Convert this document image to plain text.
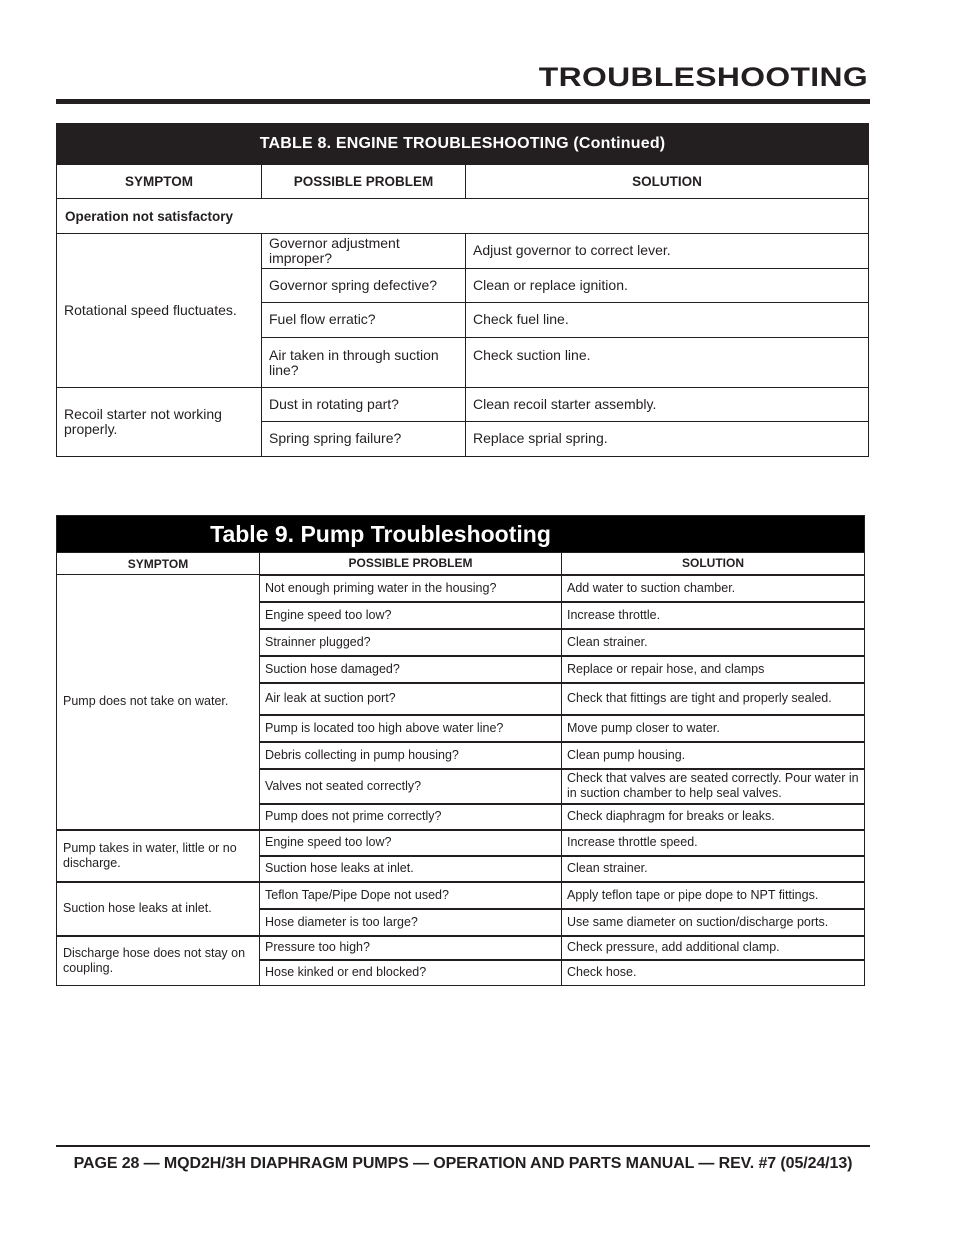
TROUBLESHOOTING
TABLE 8. ENGINE TROUBLESHOOTING (Continued)		
SYMPTOM	POSSIBLE PROBLEM	SOLUTION
Operation not satisfactory		
Rotational speed fluctuates.	Governor adjustment improper?	Adjust governor to correct lever.
	Governor spring defective?	Clean or replace ignition.
	Fuel flow erratic?	Check fuel line.
	Air taken in through suction line?	Check suction line.
Recoil starter not working properly.	Dust in rotating part?	Clean recoil starter assembly.
	Spring spring failure?	Replace sprial spring.
Table 9. Pump Troubleshooting		
SYMPTOM	POSSIBLE PROBLEM	SOLUTION
Pump does not take on water.	Not enough priming water in the housing?	Add water to suction chamber.
	Engine speed too low?	Increase throttle.
	Strainner plugged?	Clean strainer.
	Suction hose damaged?	Replace or repair hose, and clamps
	Air leak at suction port?	Check that fittings are tight and properly sealed.
	Pump is located too high above water line?	Move pump closer to water.
	Debris collecting in pump housing?	Clean pump housing.
	Valves not seated correctly?	Check that valves are seated correctly. Pour water in in suction chamber to help seal valves.
	Pump does not prime correctly?	Check diaphragm for breaks or leaks.
Pump takes in water, little or no discharge.	Engine speed too low?	Increase throttle speed.
	Suction hose leaks at inlet.	Clean strainer.
Suction hose leaks at inlet.	Teflon Tape/Pipe Dope not used?	Apply teflon tape or pipe dope to NPT fittings.
	Hose diameter is too large?	Use same diameter on suction/discharge ports.
Discharge hose does not stay on coupling.	Pressure too high?	Check pressure, add additional clamp.
	Hose kinked or end blocked?	Check hose.
PAGE 28 — MQD2H/3H DIAPHRAGM PUMPS — OPERATION AND PARTS MANUAL — REV. #7 (05/24/13)
